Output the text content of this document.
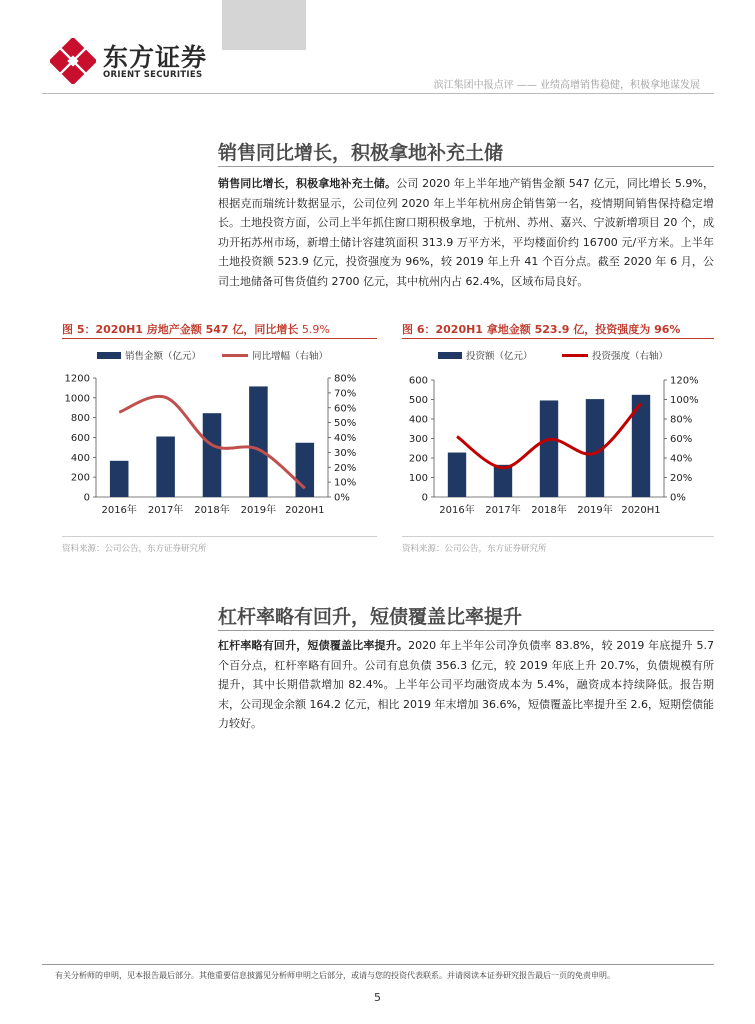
东方证券
ORIENT SECURITIES
滨江集团中报点评 —— 业绩高增销售稳健，积极拿地谋发展
销售同比增长，积极拿地补充土储
销售同比增长，积极拿地补充土储。公司 2020 年上半年地产销售金额 547 亿元，同比增长 5.9%，根据克而瑞统计数据显示，公司位列 2020 年上半年杭州房企销售第一名，疫情期间销售保持稳定增长。土地投资方面，公司上半年抓住窗口期积极拿地，于杭州、苏州、嘉兴、宁波新增项目 20 个，成功开拓苏州市场，新增土储计容建筑面积 313.9 万平方米，平均楼面价约 16700 元/平方米。上半年土地投资额 523.9 亿元，投资强度为 96%，较 2019 年上升 41 个百分点。截至 2020 年 6 月，公司土地储备可售货值约 2700 亿元，其中杭州内占 62.4%，区域布局良好。
图 5：2020H1 房地产金额 547 亿，同比增长 5.9%
销售金额（亿元）	同比增幅（右轴）
0
200
400
600
800
1000
1200
0%
10%
20%
30%
40%
50%
60%
70%
80%
2016年 2017年 2018年 2019年 2020H1
资料来源：公司公告，东方证券研究所
图 6：2020H1 拿地金额 523.9 亿，投资强度为 96%
投资额（亿元）	投资强度（右轴）
0
100
200
300
400
500
600
0%
20%
40%
60%
80%
100%
120%
2016年 2017年 2018年 2019年 2020H1
资料来源：公司公告，东方证券研究所
杠杆率略有回升，短债覆盖比率提升
杠杆率略有回升，短债覆盖比率提升。2020 年上半年公司净负债率 83.8%，较 2019 年底提升 5.7 个百分点，杠杆率略有回升。公司有息负债 356.3 亿元，较 2019 年底上升 20.7%，负债规模有所提升，其中长期借款增加 82.4%。上半年公司平均融资成本为 5.4%，融资成本持续降低。报告期末，公司现金余额 164.2 亿元，相比 2019 年末增加 36.6%，短债覆盖比率提升至 2.6，短期偿债能力较好。
有关分析师的申明，见本报告最后部分。其他重要信息披露见分析师申明之后部分，或请与您的投资代表联系。并请阅读本证券研究报告最后一页的免责申明。
5
